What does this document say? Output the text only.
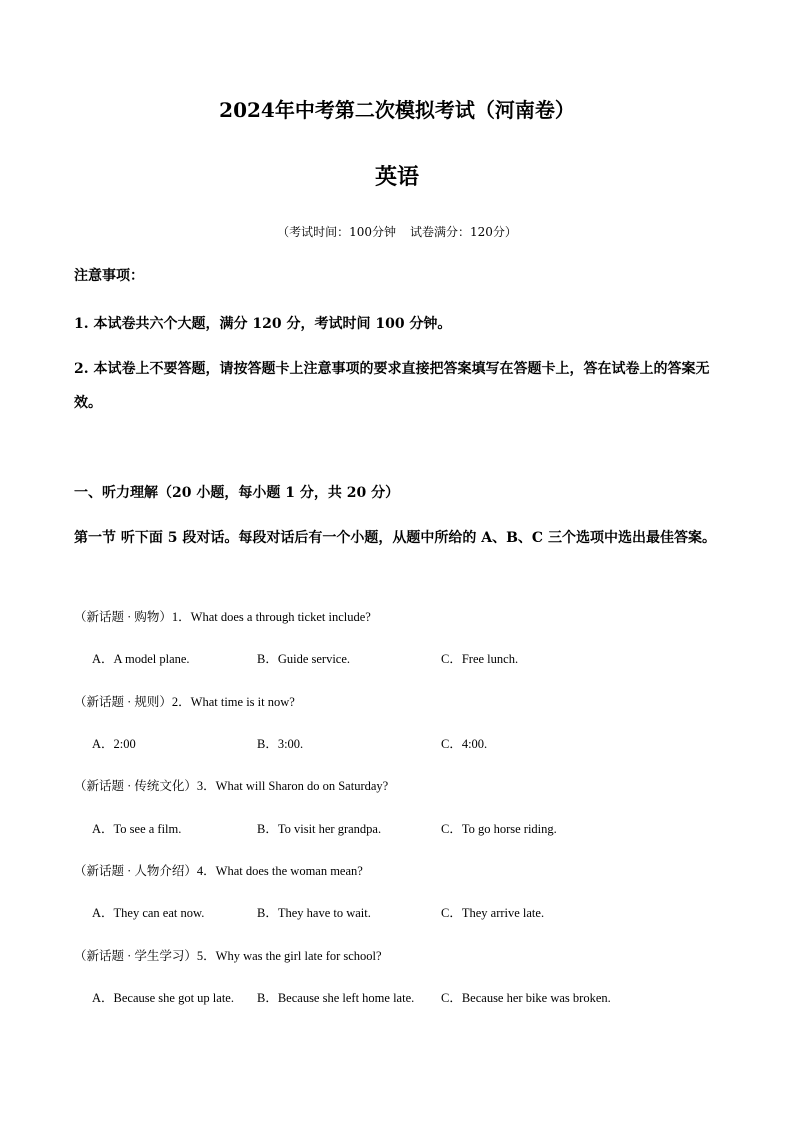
2024年中考第二次模拟考试（河南卷）
英语
（考试时间：100分钟 试卷满分：120分）
注意事项：
1. 本试卷共六个大题，满分 120 分，考试时间 100 分钟。
2. 本试卷上不要答题，请按答题卡上注意事项的要求直接把答案填写在答题卡上，答在试卷上的答案无效。
一、听力理解（20 小题，每小题 1 分，共 20 分）
第一节 听下面 5 段对话。每段对话后有一个小题，从题中所给的 A、B、C 三个选项中选出最佳答案。
（新话题 · 购物）1．What does a through ticket include?
A．A model plane.	B．Guide service.	C．Free lunch.
（新话题 · 规则）2．What time is it now?
A．2:00	B．3:00.	C．4:00.
（新话题 · 传统文化）3．What will Sharon do on Saturday?
A．To see a film.	B．To visit her grandpa.	C．To go horse riding.
（新话题 · 人物介绍）4．What does the woman mean?
A．They can eat now.	B．They have to wait.	C．They arrive late.
（新话题 · 学生学习）5．Why was the girl late for school?
A．Because she got up late. B．Because she left home late. C．Because her bike was broken.
